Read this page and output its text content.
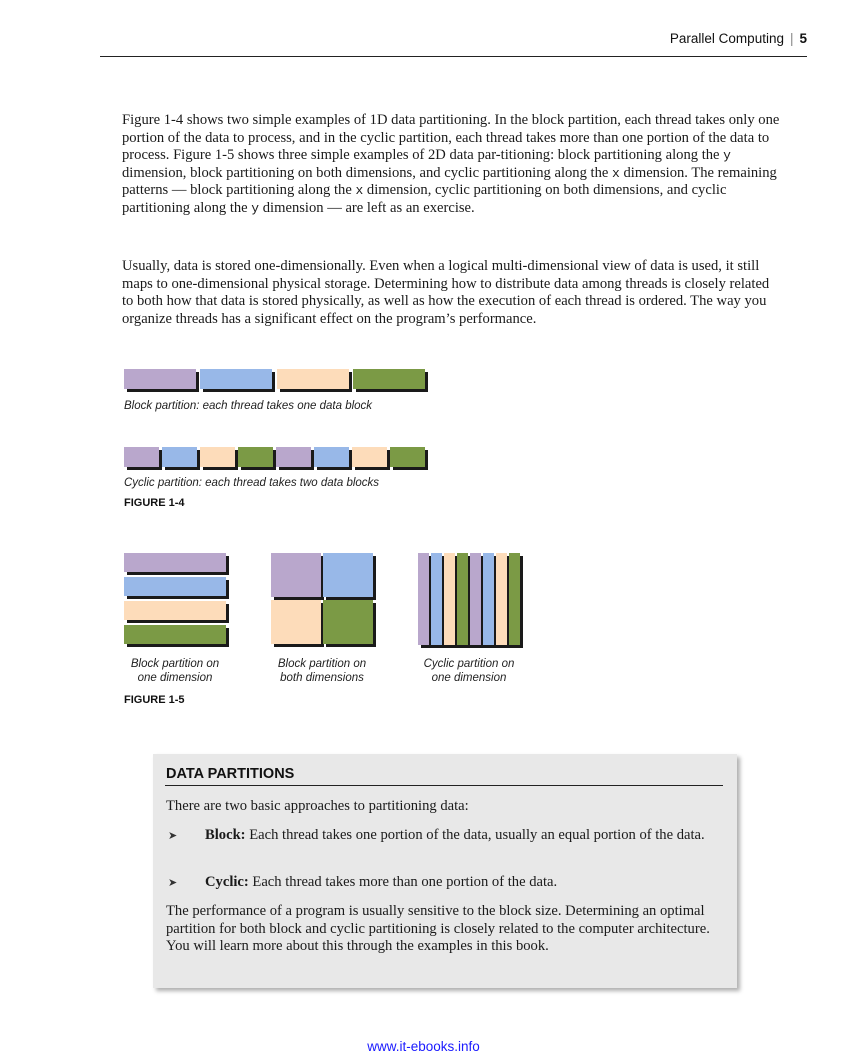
Parallel Computing | 5

Figure 1-4 shows two simple examples of 1D data partitioning. In the block partition, each thread takes only one portion of the data to process, and in the cyclic partition, each thread takes more than one portion of the data to process. Figure 1-5 shows three simple examples of 2D data par-titioning: block partitioning along the y dimension, block partitioning on both dimensions, and cyclic partitioning along the x dimension. The remaining patterns — block partitioning along the x dimension, cyclic partitioning on both dimensions, and cyclic partitioning along the y dimension — are left as an exercise.

Usually, data is stored one-dimensionally. Even when a logical multi-dimensional view of data is used, it still maps to one-dimensional physical storage. Determining how to distribute data among threads is closely related to both how that data is stored physically, as well as how the execution of each thread is ordered. The way you organize threads has a significant effect on the program’s performance.

Block partition: each thread takes one data block

Cyclic partition: each thread takes two data blocks

FIGURE 1-4

Block partition on
one dimension

Block partition on
both dimensions

Cyclic partition on
one dimension

FIGURE 1-5

DATA PARTITIONS

There are two basic approaches to partitioning data:

➤ Block: Each thread takes one portion of the data, usually an equal portion of the data.

➤ Cyclic: Each thread takes more than one portion of the data.

The performance of a program is usually sensitive to the block size. Determining an optimal partition for both block and cyclic partitioning is closely related to the computer architecture. You will learn more about this through the examples in this book.

www.it-ebooks.info
